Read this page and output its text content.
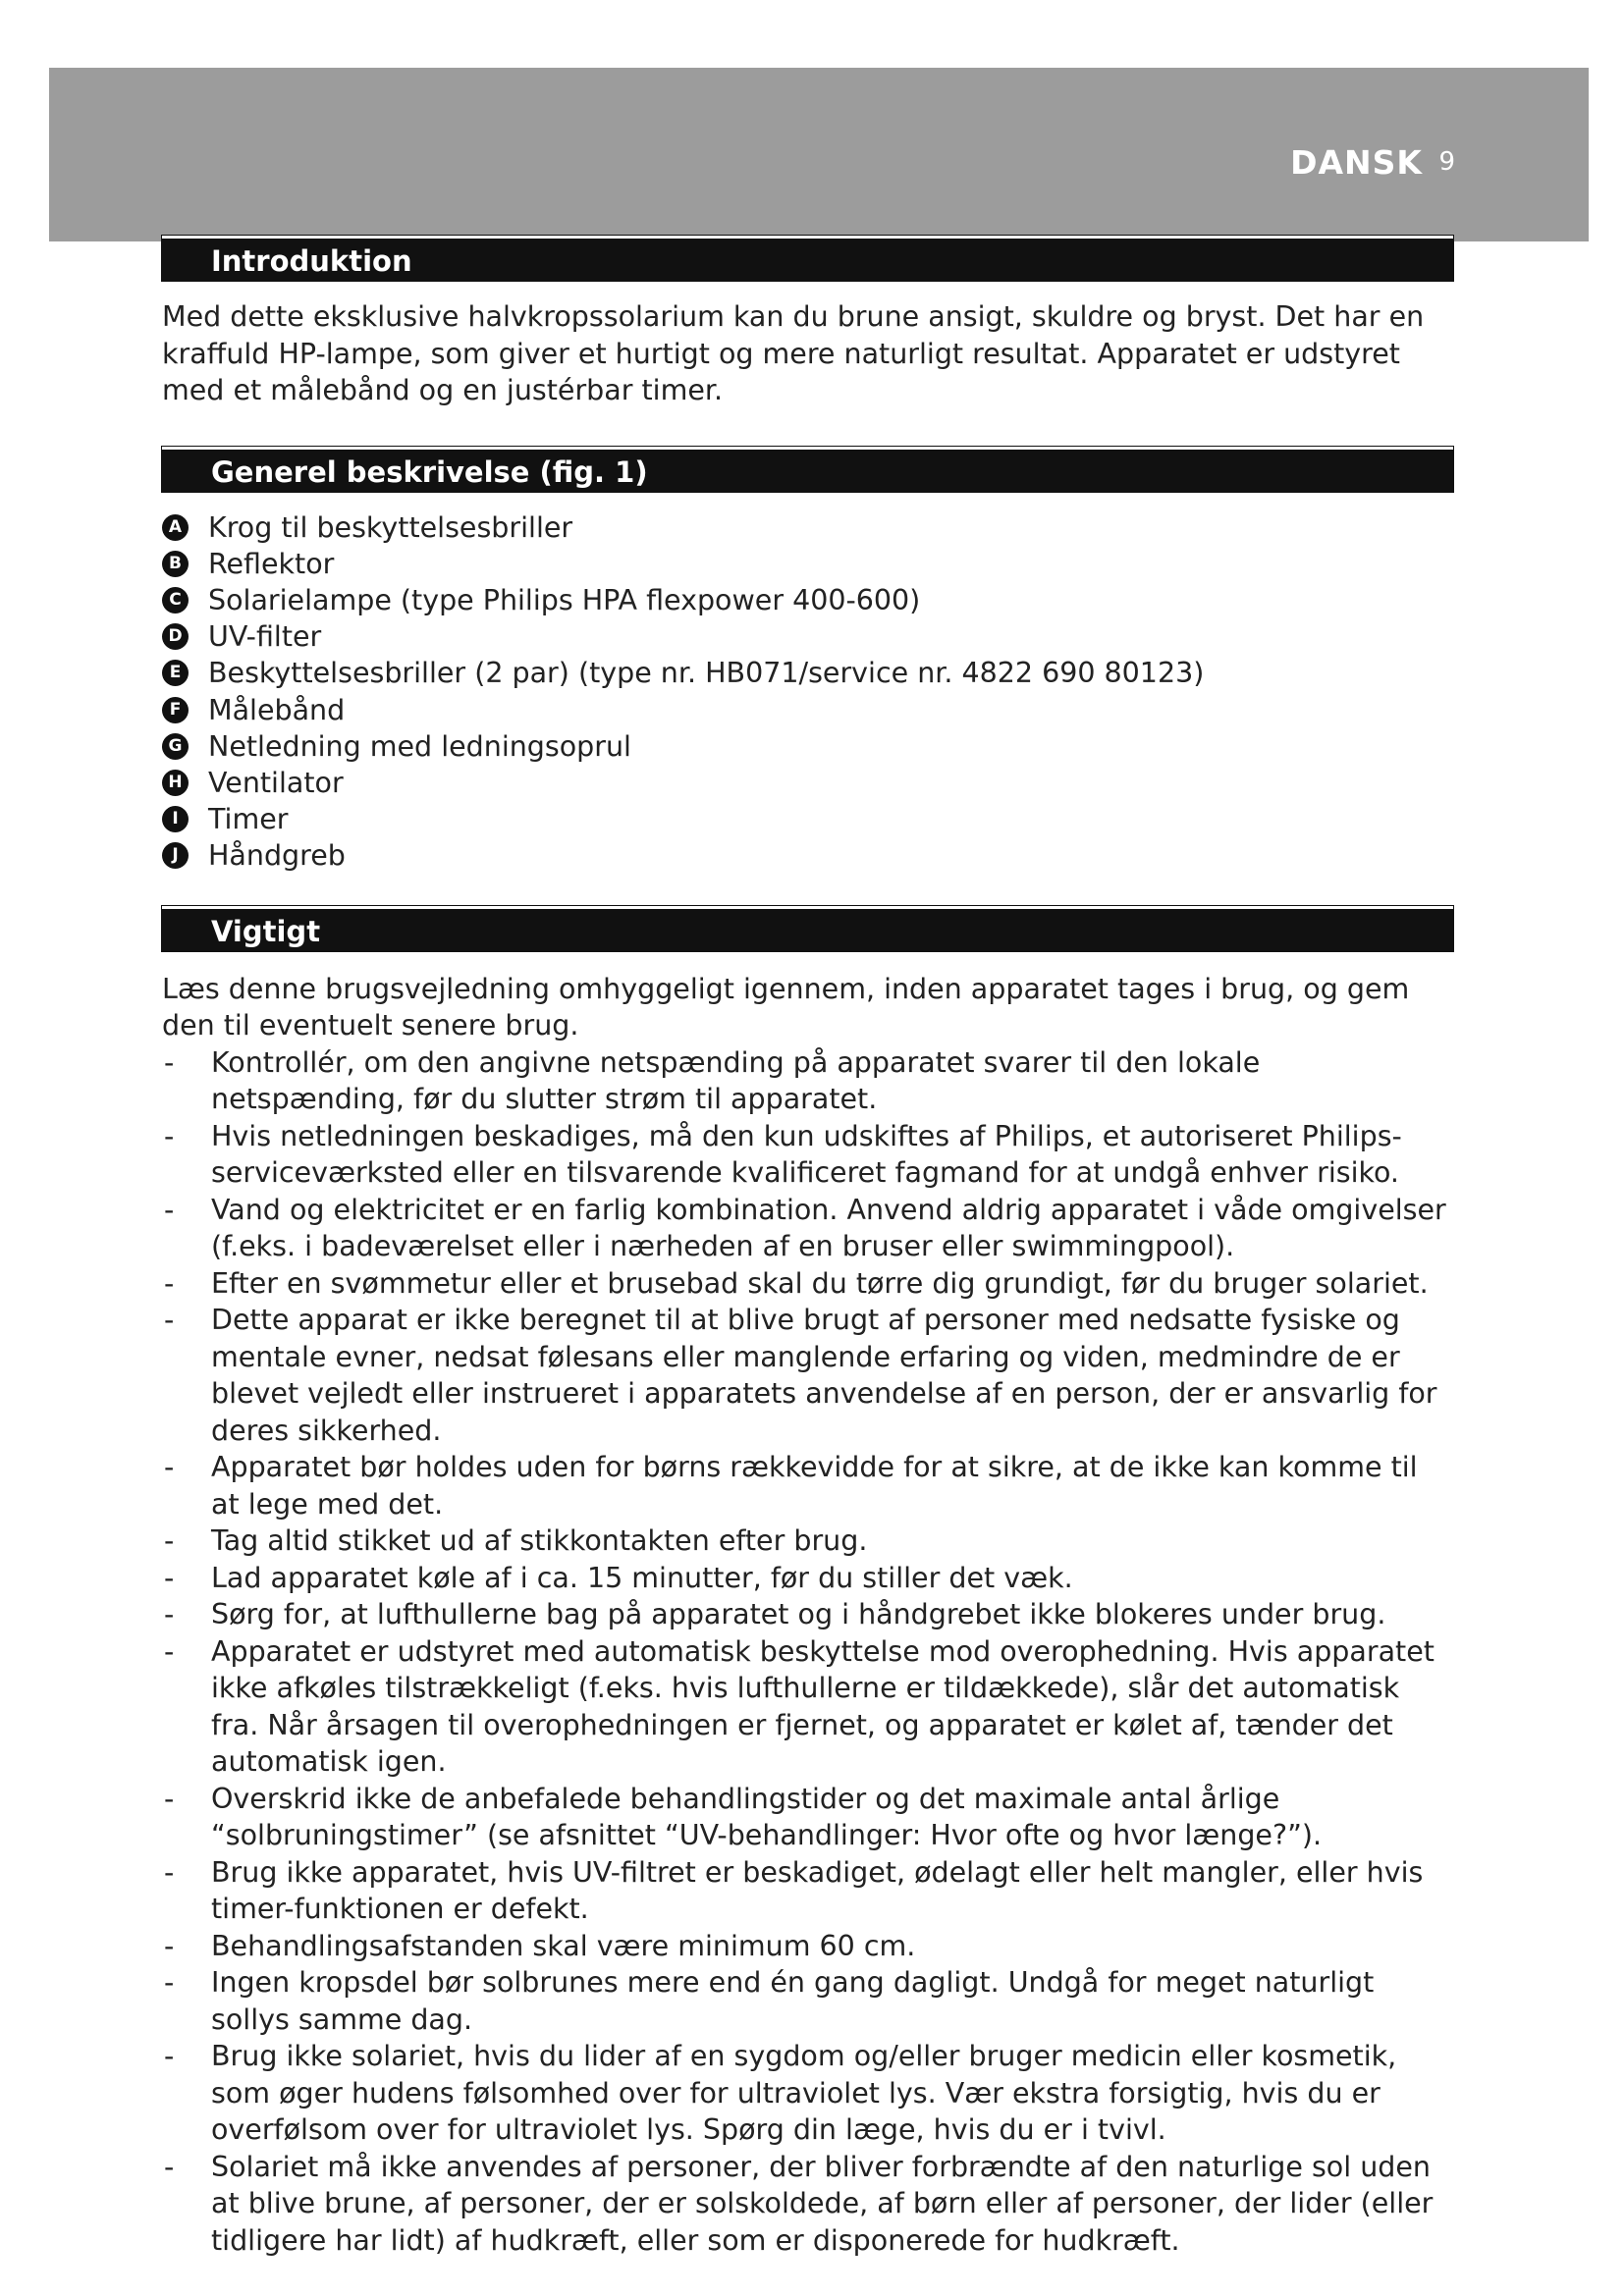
DANSK 9
Introduktion

Med dette eksklusive halvkropssolarium kan du brune ansigt, skuldre og bryst. Det har en kraffuld HP-lampe, som giver et hurtigt og mere naturligt resultat. Apparatet er udstyret med et målebånd og en justérbar timer.

Generel beskrivelse (fig. 1)
A Krog til beskyttelsesbriller
B Reflektor
C Solarielampe (type Philips HPA flexpower 400-600)
D UV-filter
E Beskyttelsesbriller (2 par) (type nr. HB071/service nr. 4822 690 80123)
F Målebånd
G Netledning med ledningsoprul
H Ventilator
I	Timer
J	Håndgreb
Vigtigt

Læs denne brugsvejledning omhyggeligt igennem, inden apparatet tages i brug, og gem den til eventuelt senere brug.

- Kontrollér, om den angivne netspænding på apparatet svarer til den lokale netspænding, før du slutter strøm til apparatet.
- Hvis netledningen beskadiges, må den kun udskiftes af Philips, et autoriseret Philips-serviceværksted eller en tilsvarende kvalificeret fagmand for at undgå enhver risiko.
- Vand og elektricitet er en farlig kombination. Anvend aldrig apparatet i våde omgivelser (f.eks. i badeværelset eller i nærheden af en bruser eller swimmingpool).
- Efter en svømmetur eller et brusebad skal du tørre dig grundigt, før du bruger solariet.
- Dette apparat er ikke beregnet til at blive brugt af personer med nedsatte fysiske og mentale evner, nedsat følesans eller manglende erfaring og viden, medmindre de er blevet vejledt eller instrueret i apparatets anvendelse af en person, der er ansvarlig for deres sikkerhed.
- Apparatet bør holdes uden for børns rækkevidde for at sikre, at de ikke kan komme til at lege med det.
- Tag altid stikket ud af stikkontakten efter brug.
- Lad apparatet køle af i ca. 15 minutter, før du stiller det væk.
- Sørg for, at lufthullerne bag på apparatet og i håndgrebet ikke blokeres under brug.
- Apparatet er udstyret med automatisk beskyttelse mod overophedning. Hvis apparatet ikke afkøles tilstrækkeligt (f.eks. hvis lufthullerne er tildækkede), slår det automatisk fra. Når årsagen til overophedningen er fjernet, og apparatet er kølet af, tænder det automatisk igen.
- Overskrid ikke de anbefalede behandlingstider og det maximale antal årlige “solbruningstimer” (se afsnittet “UV-behandlinger: Hvor ofte og hvor længe?”).
- Brug ikke apparatet, hvis UV-filtret er beskadiget, ødelagt eller helt mangler, eller hvis timer-funktionen er defekt.
- Behandlingsafstanden skal være minimum 60 cm.
- Ingen kropsdel bør solbrunes mere end én gang dagligt. Undgå for meget naturligt sollys samme dag.
- Brug ikke solariet, hvis du lider af en sygdom og/eller bruger medicin eller kosmetik, som øger hudens følsomhed over for ultraviolet lys. Vær ekstra forsigtig, hvis du er overfølsom over for ultraviolet lys. Spørg din læge, hvis du er i tvivl.
- Solariet må ikke anvendes af personer, der bliver forbrændte af den naturlige sol uden at blive brune, af personer, der er solskoldede, af børn eller af personer, der lider (eller tidligere har lidt) af hudkræft, eller som er disponerede for hudkræft.
